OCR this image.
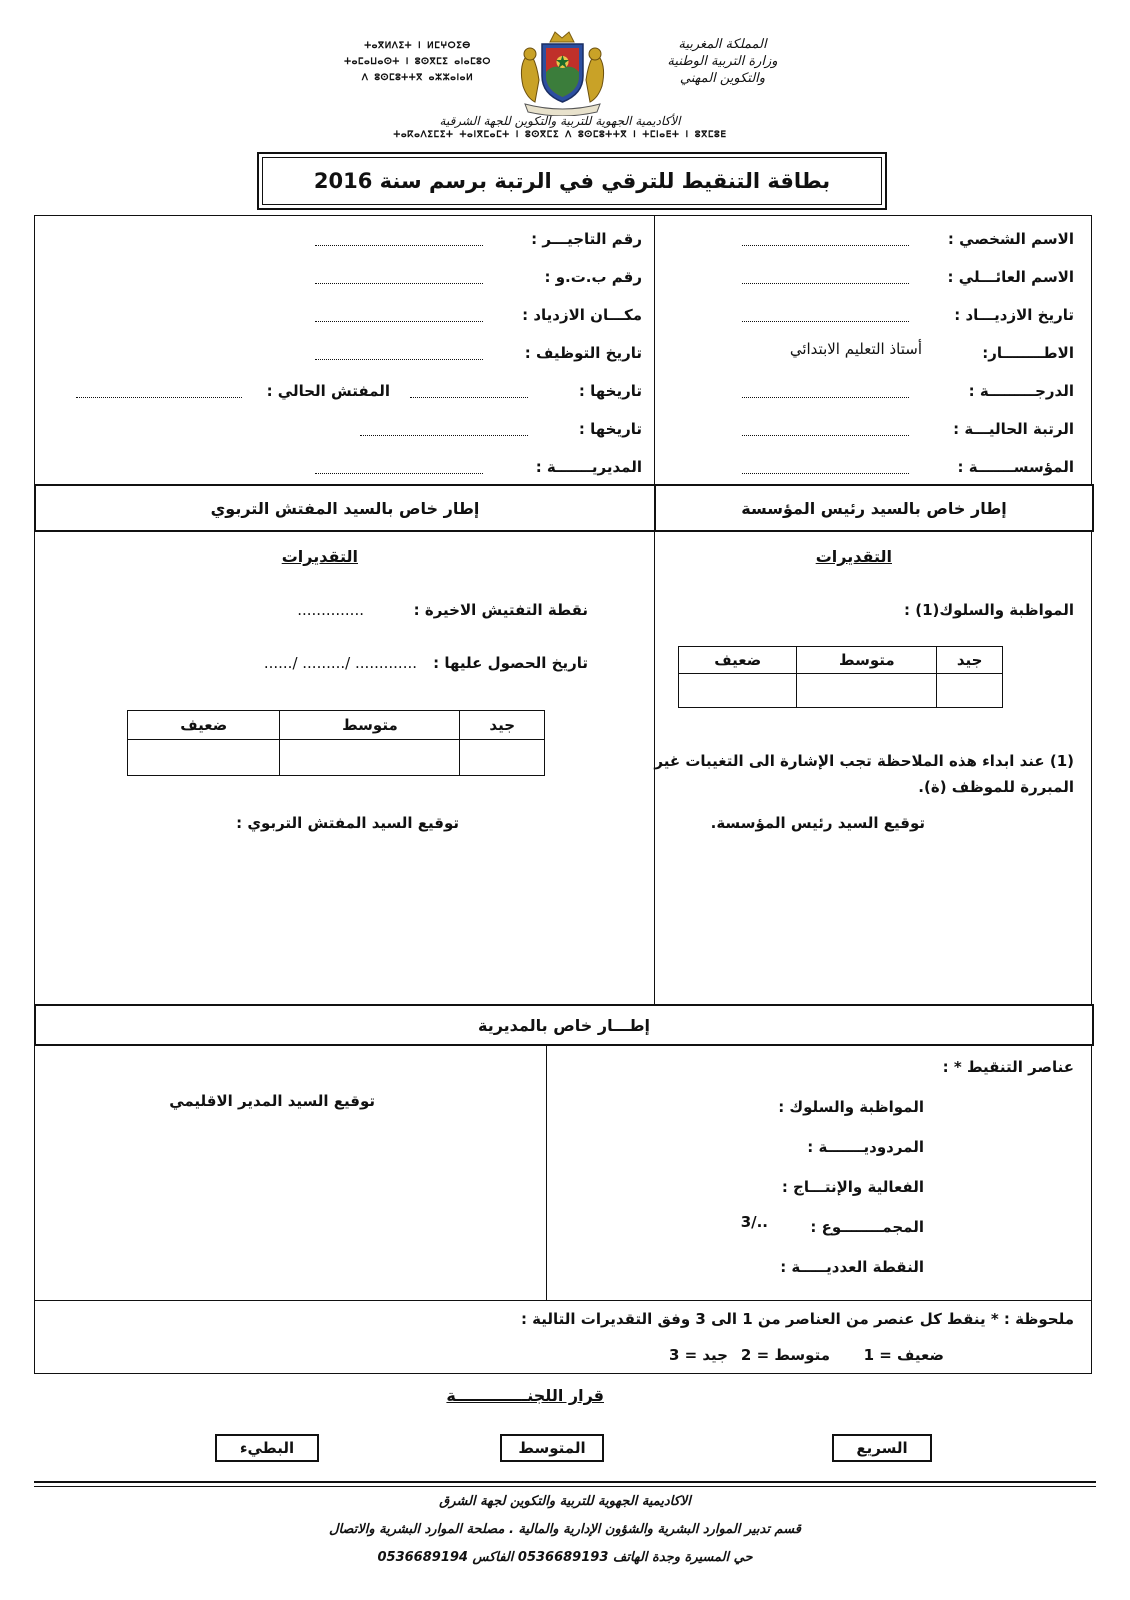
المملكة المغربية
وزارة التربية الوطنية
والتكوين المهني
ⵜⴰⴳⵍⴷⵉⵜ ⵏ ⵍⵎⵖⵔⵉⴱ
ⵜⴰⵎⴰⵡⴰⵙⵜ ⵏ ⵓⵙⴳⵎⵉ ⴰⵏⴰⵎⵓⵔ
ⴷ ⵓⵙⵎⵓⵜⵜⴳ ⴰⵣⵣⴰⵏⴰⵍ
الأكاديمية الجهوية للتربية والتكوين للجهة الشرقية
ⵜⴰⴽⴰⴷⵉⵎⵉⵜ ⵜⴰⵏⴳⵎⴰⵎⵜ ⵏ ⵓⵙⴳⵎⵉ ⴷ ⵓⵙⵎⵓⵜⵜⴳ ⵏ ⵜⵎⵏⴰⴹⵜ ⵏ ⵓⴳⵎⵓⴹ
بطاقة التنقيط للترقي في الرتبة برسم سنة 2016
الاسم الشخصي :
الاسم العائـــلي :
تاريخ الازديـــاد :
الاطــــــــار:
أستاذ التعليم الابتدائي
الدرجـــــــــة :
الرتبة الحاليـــة :
المؤسســـــــة :
رقم التاجيـــر :
رقم ب.ت.و :
مكـــان الازدياد :
تاريخ التوظيف :
تاريخها :
المفتش الحالي :
تاريخها :
المديريـــــــة :
إطار خاص بالسيد رئيس المؤسسة
إطار خاص بالسيد المفتش التربوي
التقديرات
المواظبة والسلوك(1) :
جيد	متوسط	ضعيف

(1) عند ابداء هذه الملاحظة تجب الإشارة الى التغيبات غير
المبررة للموظف (ة).
توقيع السيد رئيس المؤسسة.
التقديرات
نقطة التفتيش الاخيرة :
..............
تاريخ الحصول عليها :
....../ ........./ .............
جيد	متوسط	ضعيف

توقيع السيد المفتش التربوي :
إطـــار خاص بالمديرية
عناصر التنقيط * :
المواظبة والسلوك :
المردوديـــــــة :
الفعالية والإنتـــاج :
المجمــــــــوع :
3/..
النقطة العدديـــــة :
توقيع السيد المدير الاقليمي
ملحوظة : * ينقط كل عنصر من العناصر من 1 الى 3 وفق التقديرات التالية :
ضعيف = 1
متوسط = 2
جيد = 3
قرار اللجنـــــــــــــة
السريع
المتوسط
البطيء
الاكاديمية الجهوية للتربية والتكوين لجهة الشرق
قسم تدبير الموارد البشرية والشؤون الإدارية والمالية . مصلحة الموارد البشرية والاتصال
حي المسيرة وجدة الهاتف 0536689193 الفاكس 0536689194
